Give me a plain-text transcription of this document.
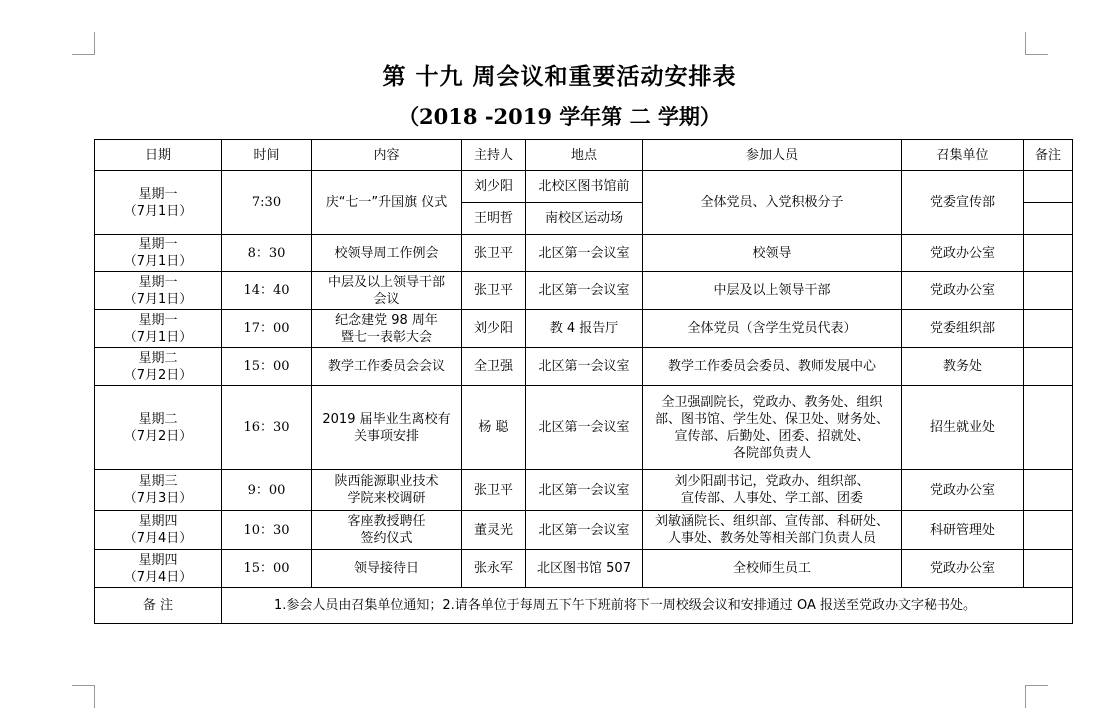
第 十九 周会议和重要活动安排表
（2018 -2019 学年第 二 学期）
日期	时间	内容	主持人	地点	参加人员	召集单位	备注
星期一
（7月1日）	7:30	庆“七一”升国旗 仪式	刘少阳	北校区图书馆前	全体党员、入党积极分子	党委宣传部	
			王明哲	南校区运动场			
星期一
（7月1日）	8：30	校领导周工作例会	张卫平	北区第一会议室	校领导	党政办公室	
星期一
（7月1日）	14：40	中层及以上领导干部
会议	张卫平	北区第一会议室	中层及以上领导干部	党政办公室	
星期一
（7月1日）	17：00	纪念建党 98 周年
暨七一表彰大会	刘少阳	教 4 报告厅	全体党员（含学生党员代表）	党委组织部	
星期二
（7月2日）	15：00	教学工作委员会会议	全卫强	北区第一会议室	教学工作委员会委员、教师发展中心	教务处	
星期二
（7月2日）	16：30	2019 届毕业生离校有
关事项安排	杨 聪	北区第一会议室	全卫强副院长，党政办、教务处、组织
部、图书馆、学生处、保卫处、财务处、
宣传部、后勤处、团委、招就处、
各院部负责人	招生就业处	
星期三
（7月3日）	9：00	陕西能源职业技术
学院来校调研	张卫平	北区第一会议室	刘少阳副书记，党政办、组织部、
宣传部、人事处、学工部、团委	党政办公室	
星期四
（7月4日）	10：30	客座教授聘任
签约仪式	董灵光	北区第一会议室	刘敏涵院长、组织部、宣传部、科研处、
人事处、教务处等相关部门负责人员	科研管理处	
星期四
（7月4日）	15：00	领导接待日	张永军	北区图书馆 507	全校师生员工	党政办公室	
备 注	1.参会人员由召集单位通知；2.请各单位于每周五下午下班前将下一周校级会议和安排通过 OA 报送至党政办文字秘书处。						
